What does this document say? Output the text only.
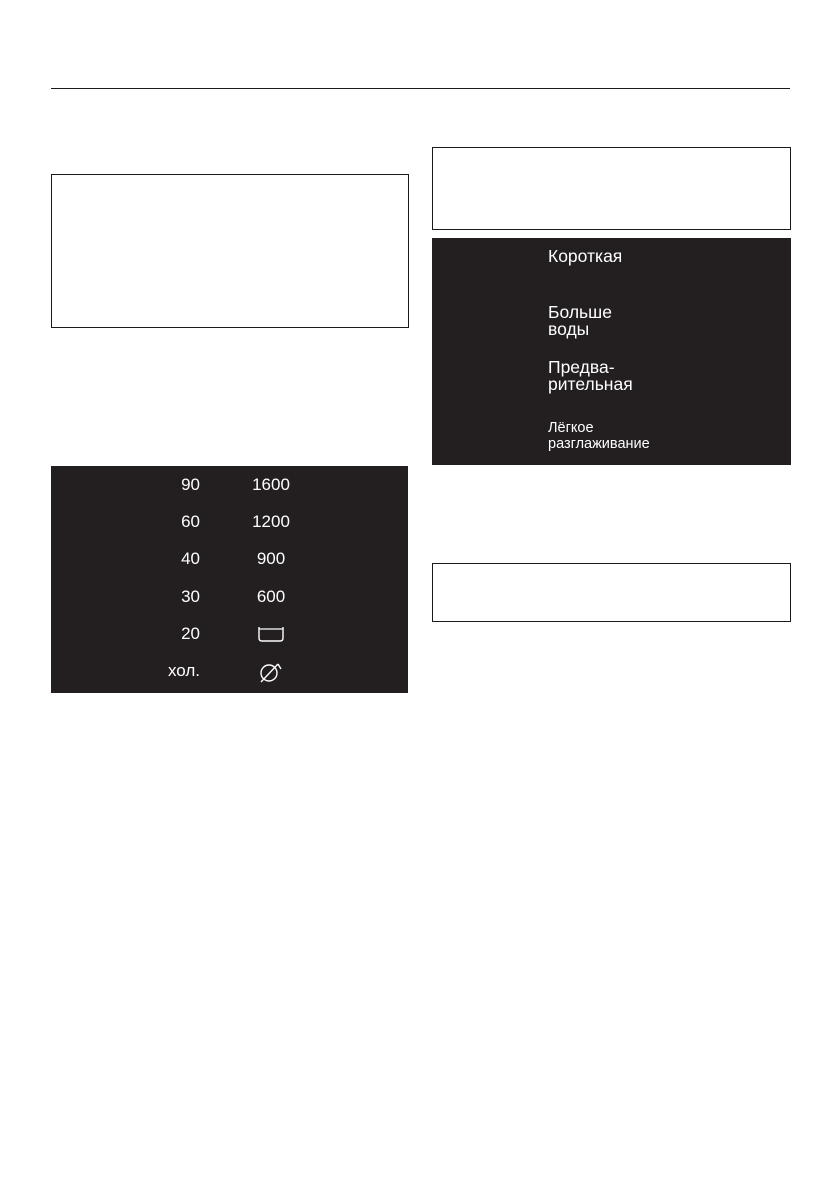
90	1600
60	1200
40	900
30	600
20
хол.
Короткая
Больше
воды
Предва-
рительная
Лёгкое
разглаживание
